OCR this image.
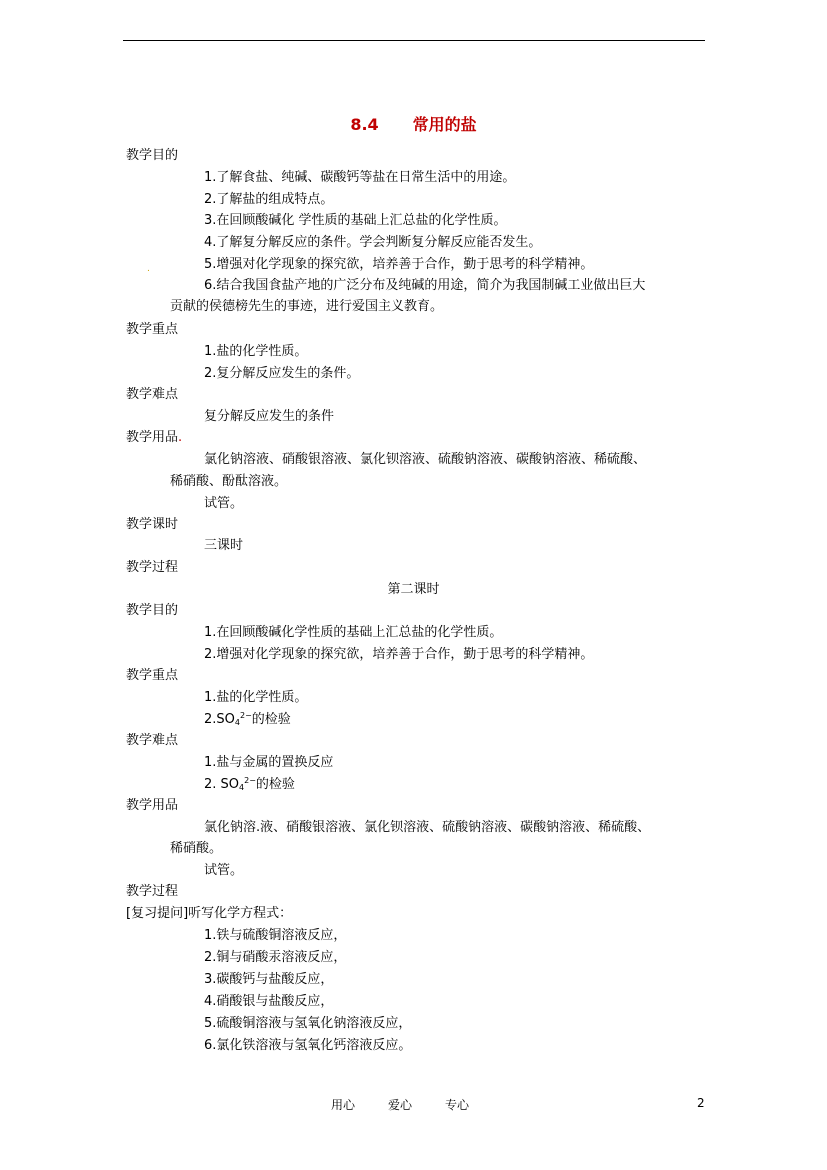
8.4 常用的盐
教学目的
1.了解食盐、纯碱、碳酸钙等盐在日常生活中的用途。
2.了解盐的组成特点。
3.在回顾酸碱化 学性质的基础上汇总盐的化学性质。
4.了解复分解反应的条件。学会判断复分解反应能否发生。
.	5.增强对化学现象的探究欲，培养善于合作，勤于思考的科学精神。
6.结合我国食盐产地的广泛分布及纯碱的用途，简介为我国制碱工业做出巨大
贡献的侯德榜先生的事迹，进行爱国主义教育。
教学重点
1.盐的化学性质。
2.复分解反应发生的条件。
教学难点
复分解反应发生的条件
教学用品.
氯化钠溶液、硝酸银溶液、氯化钡溶液、硫酸钠溶液、碳酸钠溶液、稀硫酸、
稀硝酸、酚酞溶液。
试管。
教学课时
三课时
教学过程
第二课时
教学目的
1.在回顾酸碱化学性质的基础上汇总盐的化学性质。
2.增强对化学现象的探究欲，培养善于合作，勤于思考的科学精神。
教学重点
1.盐的化学性质。
$2.SO_4^{2-}$的检验
教学难点
1.盐与金属的置换反应
2. $SO_4^{2-}$的检验
教学用品
氯化钠溶.液、硝酸银溶液、氯化钡溶液、硫酸钠溶液、碳酸钠溶液、稀硫酸、
稀硝酸。
试管。
教学过程
[复习提问]听写化学方程式：
1.铁与硫酸铜溶液反应，
2.铜与硝酸汞溶液反应，
3.碳酸钙与盐酸反应，
4.硝酸银与盐酸反应，
5.硫酸铜溶液与氢氧化钠溶液反应，
6.氯化铁溶液与氢氧化钙溶液反应。
用心	爱心	专心	2
